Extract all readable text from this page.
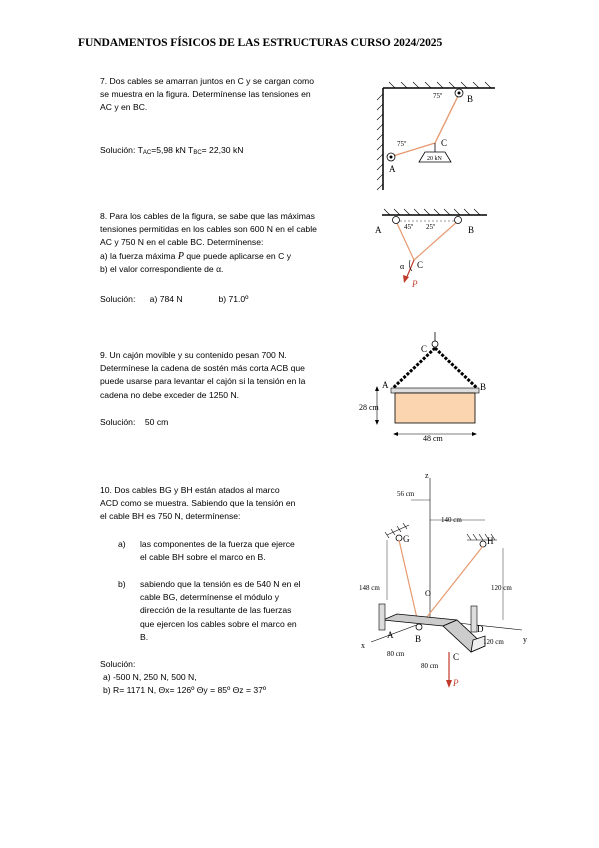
FUNDAMENTOS FÍSICOS DE LAS ESTRUCTURAS CURSO 2024/2025
7. Dos cables se amarran juntos en C y se cargan como
se muestra en la figura. Determínense las tensiones en
AC y en BC.
Solución: TAC=5,98 kN TBC= 22,30 kN
20 kN
75º
75º
A
B
C
8. Para los cables de la figura, se sabe que las máximas
tensiones permitidas en los cables son 600 N en el cable
AC y 750 N en el cable BC. Determínense:
a) la fuerza máxima P que puede aplicarse en C y
b) el valor correspondiente de α.
Solución:      a) 784 N               b) 71.0º
45º 25º
A	B
C
α
P
9. Un cajón movible y su contenido pesan 700 N.
Determínese la cadena de sostén más corta ACB que
puede usarse para levantar el cajón si la tensión en la
cadena no debe exceder de 1250 N.
Solución:    50 cm
28 cm
48 cm
A	B
C
10. Dos cables BG y BH están atados al marco
ACD como se muestra. Sabiendo que la tensión en
el cable BH es 750 N, determínense:
a) las componentes de la fuerza que ejerce
el cable BH sobre el marco en B.
b) sabiendo que la tensión es de 540 N en el
cable BG, determínense el módulo y
dirección de la resultante de las fuerzas
que ejercen los cables sobre el marco en
B.
Solución:
a) -500 N, 250 N, 500 N,
b) R= 1171 N, Θx= 126º Θy = 85º Θz = 37º
z
x
y
O
56 cm
140 cm
148 cm	120 cm
120 cm
80 cm
80 cm
G	H
A B
C
D
P
